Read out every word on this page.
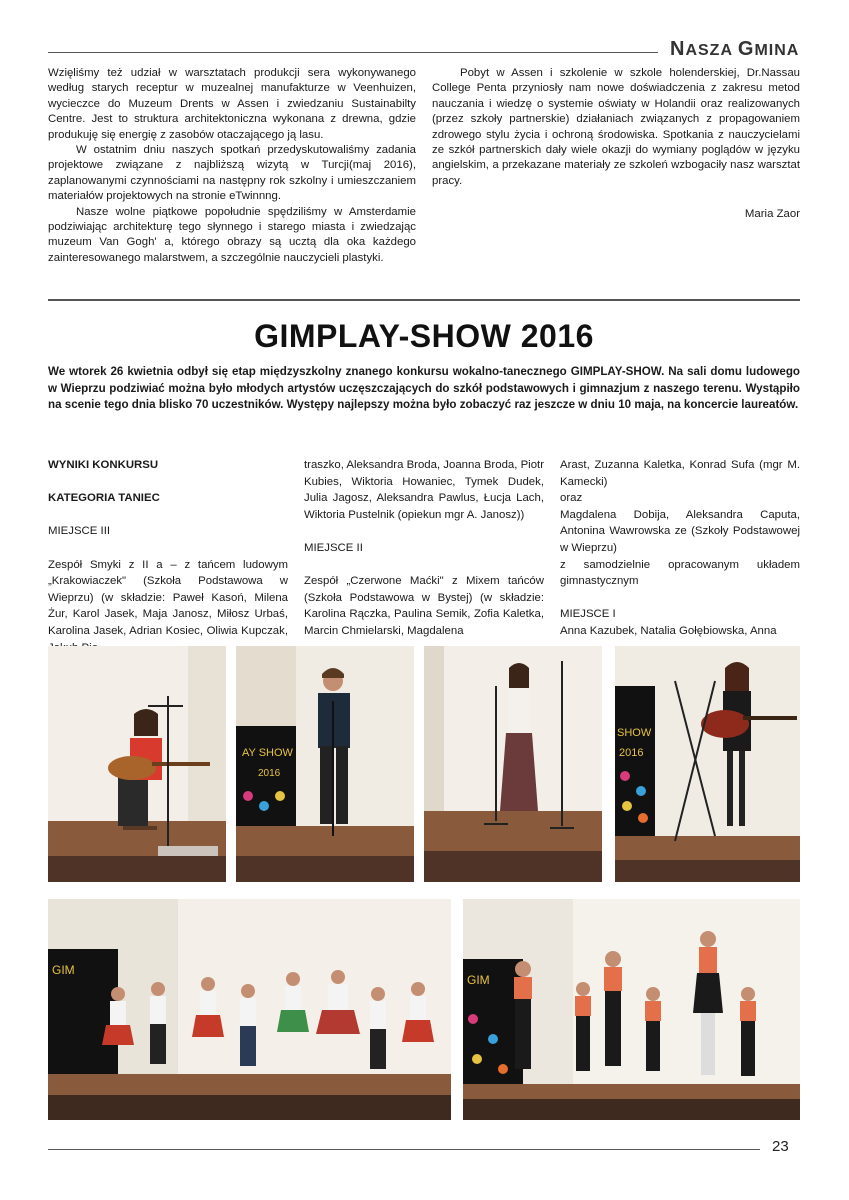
NASZA GMINA

Wzięliśmy też udział w warsztatach produkcji sera wykonywanego według starych receptur w muzealnej manufakturze w Veenhuizen, wycieczce do Muzeum Drents w Assen i zwiedzaniu Sustainabilty Centre. Jest to struktura architektoniczna wykonana z drewna, gdzie produkuję się energię z zasobów otaczającego ją lasu.

W ostatnim dniu naszych spotkań przedyskutowaliśmy zadania projektowe związane z najbliższą wizytą w Turcji(maj 2016), zaplanowanymi czynnościami na następny rok szkolny i umieszczaniem materiałów projektowych na stronie eTwinnng.

Nasze wolne piątkowe popołudnie spędziliśmy w Amsterdamie podziwiając architekturę tego słynnego i starego miasta i zwiedzając muzeum Van Gogh' a, którego obrazy są ucztą dla oka każdego zainteresowanego malarstwem, a szczególnie nauczycieli plastyki.

Pobyt w Assen i szkolenie w szkole holenderskiej, Dr.Nassau College Penta przyniosły nam nowe doświadczenia z zakresu metod nauczania i wiedzę o systemie oświaty w Holandii oraz realizowanych (przez szkoły partnerskie) działaniach związanych z propagowaniem zdrowego stylu życia i ochroną środowiska. Spotkania z nauczycielami ze szkół partnerskich dały wiele okazji do wymiany poglądów w języku angielskim, a przekazane materiały ze szkoleń wzbogaciły nasz warsztat pracy.

Maria Zaor

GIMPLAY-SHOW 2016
We wtorek 26 kwietnia odbył się etap międzyszkolny znanego konkursu wokalno-tanecznego GIMPLAY-SHOW. Na sali domu ludowego w Wieprzu podziwiać można było młodych artystów uczęszczających do szkół podstawowych i gimnazjum z naszego terenu. Wystąpiło na scenie tego dnia blisko 70 uczestników. Występy najlepszy można było zobaczyć raz jeszcze w dniu 10 maja, na koncercie laureatów.

WYNIKI KONKURSU

KATEGORIA TANIEC

MIEJSCE III

Zespół Smyki z II a – z tańcem ludowym „Krakowiaczek" (Szkoła Podstawowa w Wieprzu) (w składzie: Paweł Kasoń, Milena Żur, Karol Jasek, Maja Janosz, Miłosz Urbaś, Karolina Jasek, Adrian Kosiec, Oliwia Kupczak,

traszko, Aleksandra Broda, Joanna Broda, Piotr Kubies, Wiktoria Howaniec, Tymek Dudek, Julia Jagosz, Aleksandra Pawlus, Łucja Lach, Wiktoria Pustelnik (opiekun mgr A. Janosz))

MIEJSCE II

Zespół „Czerwone Maćki" z Mixem tańców (Szkoła Podstawowa w Bystej) (w składzie: Karolina Rączka, Paulina Semik, Zofia Kaletka, Marcin Chmielarski, Magdalena

Arast, Zuzanna Kaletka, Konrad Sufa (mgr M. Kamecki)

oraz

Magdalena Dobija, Aleksandra Caputa, Antonina Wawrowska ze (Szkoły Podstawowej w Wieprzu)

z samodzielnie opracowanym układem gimnastycznym

MIEJSCE I

Anna Kazubek, Natalia Gołębiowska, Anna

AY SHOW
2016
SHOW
2016
GIM
GIM
23
